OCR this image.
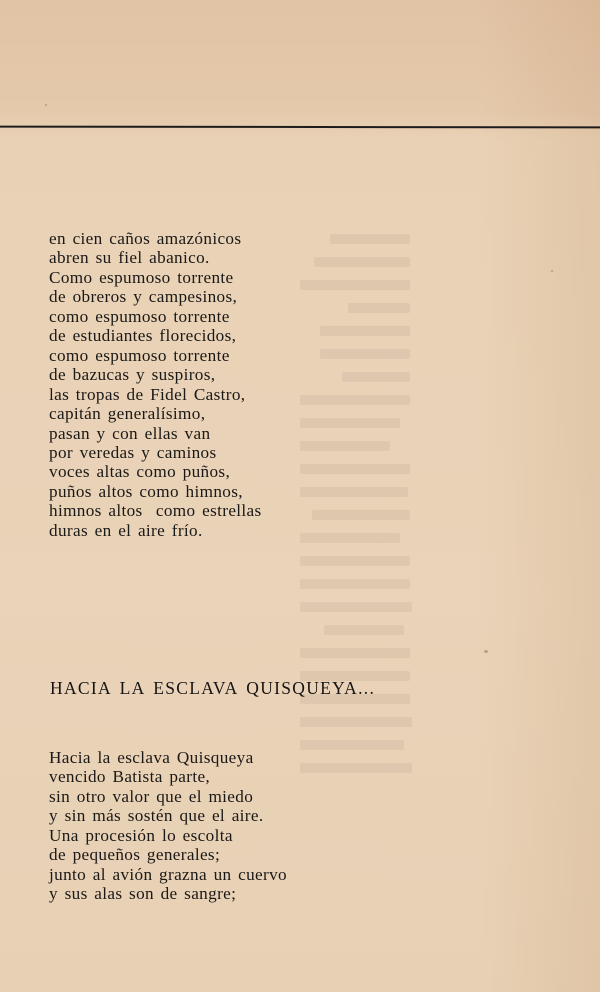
en cien caños amazónicos
abren su fiel abanico.
Como espumoso torrente
de obreros y campesinos,
como espumoso torrente
de estudiantes florecidos,
como espumoso torrente
de bazucas y suspiros,
las tropas de Fidel Castro,
capitán generalísimo,
pasan y con ellas van
por veredas y caminos
voces altas como puños,
puños altos como himnos,
himnos altos  como estrellas
duras en el aire frío.
HACIA LA ESCLAVA QUISQUEYA...
Hacia la esclava Quisqueya
vencido Batista parte,
sin otro valor que el miedo
y sin más sostén que el aire.
Una procesión lo escolta
de pequeños generales;
junto al avión grazna un cuervo
y sus alas son de sangre;
